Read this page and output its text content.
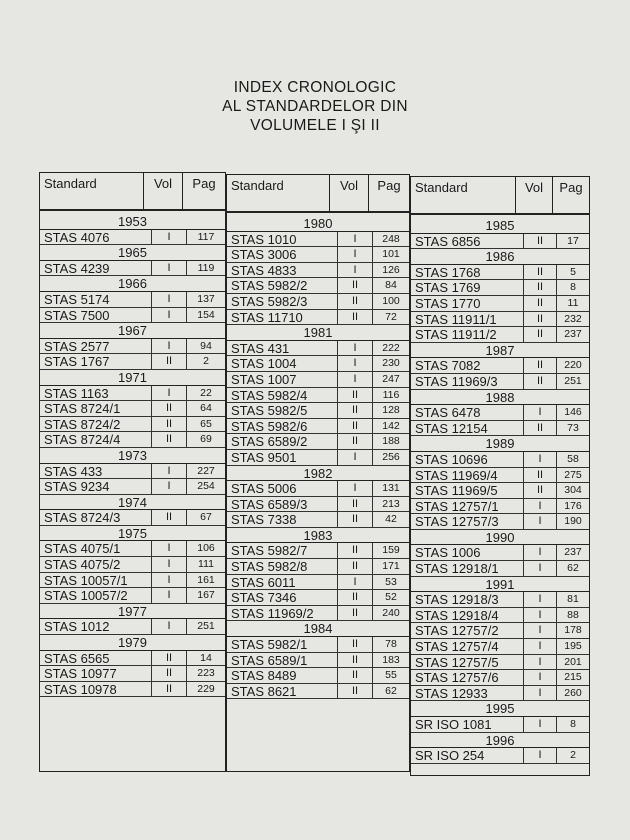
INDEX CRONOLOGIC
AL STANDARDELOR DIN
VOLUMELE I ŞI II
Standard	Vol	Pag
1953
STAS 4076	I	117
1965
STAS 4239	I	119
1966
STAS 5174	I	137
STAS 7500	I	154
1967
STAS 2577	I	94
STAS 1767	II	2
1971
STAS 1163	I	22
STAS 8724/1	II	64
STAS 8724/2	II	65
STAS 8724/4	II	69
1973
STAS 433	I	227
STAS 9234	I	254
1974
STAS 8724/3	II	67
1975
STAS 4075/1	I	106
STAS 4075/2	I	111
STAS 10057/1	I	161
STAS 10057/2	I	167
1977
STAS 1012	I	251
1979
STAS 6565	II	14
STAS 10977	II	223
STAS 10978	II	229
Standard	Vol	Pag
1980
STAS 1010	I	248
STAS 3006	I	101
STAS 4833	I	126
STAS 5982/2	II	84
STAS 5982/3	II	100
STAS 11710	II	72
1981
STAS 431	I	222
STAS 1004	I	230
STAS 1007	I	247
STAS 5982/4	II	116
STAS 5982/5	II	128
STAS 5982/6	II	142
STAS 6589/2	II	188
STAS 9501	I	256
1982
STAS 5006	I	131
STAS 6589/3	II	213
STAS 7338	II	42
1983
STAS 5982/7	II	159
STAS 5982/8	II	171
STAS 6011	I	53
STAS 7346	II	52
STAS 11969/2	II	240
1984
STAS 5982/1	II	78
STAS 6589/1	II	183
STAS 8489	II	55
STAS 8621	II	62
Standard	Vol	Pag
1985
STAS 6856	II	17
1986
STAS 1768	II	5
STAS 1769	II	8
STAS 1770	II	11
STAS 11911/1	II	232
STAS 11911/2	II	237
1987
STAS 7082	II	220
STAS 11969/3	II	251
1988
STAS 6478	I	146
STAS 12154	II	73
1989
STAS 10696	I	58
STAS 11969/4	II	275
STAS 11969/5	II	304
STAS 12757/1	I	176
STAS 12757/3	I	190
1990
STAS 1006	I	237
STAS 12918/1	I	62
1991
STAS 12918/3	I	81
STAS 12918/4	I	88
STAS 12757/2	I	178
STAS 12757/4	I	195
STAS 12757/5	I	201
STAS 12757/6	I	215
STAS 12933	I	260
1995
SR ISO 1081	I	8
1996
SR ISO 254	I	2
